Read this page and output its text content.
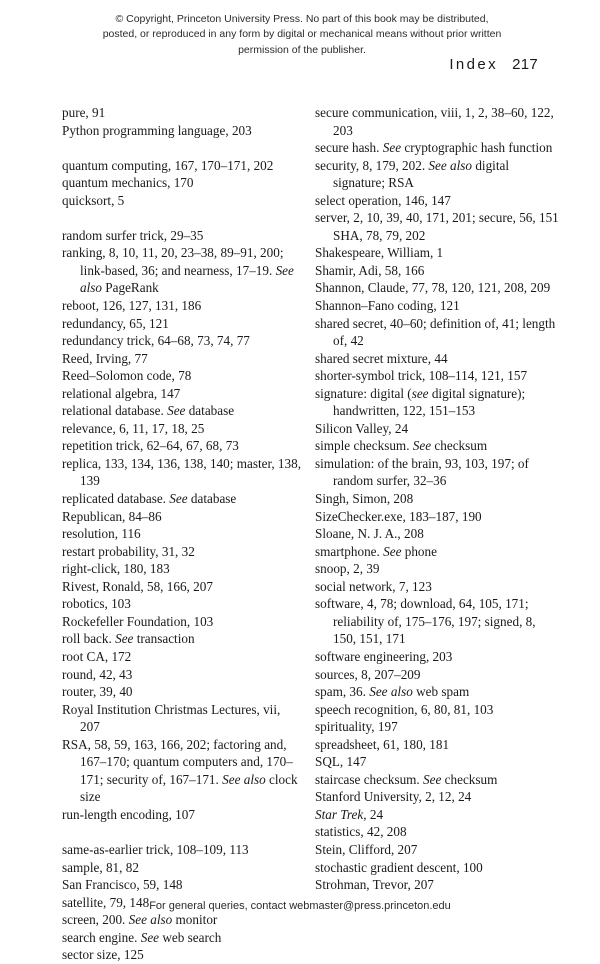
© Copyright, Princeton University Press. No part of this book may be distributed, posted, or reproduced in any form by digital or mechanical means without prior written permission of the publisher.
Index 217

pure, 91

Python programming language, 203

quantum computing, 167, 170–171, 202

quantum mechanics, 170

quicksort, 5

random surfer trick, 29–35

ranking, 8, 10, 11, 20, 23–38, 89–91, 200; link-based, 36; and nearness, 17–19. See also PageRank

reboot, 126, 127, 131, 186

redundancy, 65, 121

redundancy trick, 64–68, 73, 74, 77

Reed, Irving, 77

Reed–Solomon code, 78

relational algebra, 147

relational database. See database

relevance, 6, 11, 17, 18, 25

repetition trick, 62–64, 67, 68, 73

replica, 133, 134, 136, 138, 140; master, 138, 139

replicated database. See database

Republican, 84–86

resolution, 116

restart probability, 31, 32

right-click, 180, 183

Rivest, Ronald, 58, 166, 207

robotics, 103

Rockefeller Foundation, 103

roll back. See transaction

root CA, 172

round, 42, 43

router, 39, 40

Royal Institution Christmas Lectures, vii, 207

RSA, 58, 59, 163, 166, 202; factoring and, 167–170; quantum computers and, 170–171; security of, 167–171. See also clock size

run-length encoding, 107

same-as-earlier trick, 108–109, 113

sample, 81, 82

San Francisco, 59, 148

satellite, 79, 148

screen, 200. See also monitor

search engine. See web search

sector size, 125

secure communication, viii, 1, 2, 38–60, 122, 203

secure hash. See cryptographic hash function

security, 8, 179, 202. See also digital signature; RSA

select operation, 146, 147

server, 2, 10, 39, 40, 171, 201; secure, 56, 151 SHA, 78, 79, 202

Shakespeare, William, 1

Shamir, Adi, 58, 166

Shannon, Claude, 77, 78, 120, 121, 208, 209

Shannon–Fano coding, 121

shared secret, 40–60; definition of, 41; length of, 42

shared secret mixture, 44

shorter-symbol trick, 108–114, 121, 157

signature: digital (see digital signature); handwritten, 122, 151–153

Silicon Valley, 24

simple checksum. See checksum

simulation: of the brain, 93, 103, 197; of random surfer, 32–36

Singh, Simon, 208

SizeChecker.exe, 183–187, 190

Sloane, N. J. A., 208

smartphone. See phone

snoop, 2, 39

social network, 7, 123

software, 4, 78; download, 64, 105, 171; reliability of, 175–176, 197; signed, 8, 150, 151, 171

software engineering, 203

sources, 8, 207–209

spam, 36. See also web spam

speech recognition, 6, 80, 81, 103

spirituality, 197

spreadsheet, 61, 180, 181

SQL, 147

staircase checksum. See checksum

Stanford University, 2, 12, 24

Star Trek, 24

statistics, 42, 208

Stein, Clifford, 207

stochastic gradient descent, 100

Strohman, Trevor, 207

For general queries, contact webmaster@press.princeton.edu
